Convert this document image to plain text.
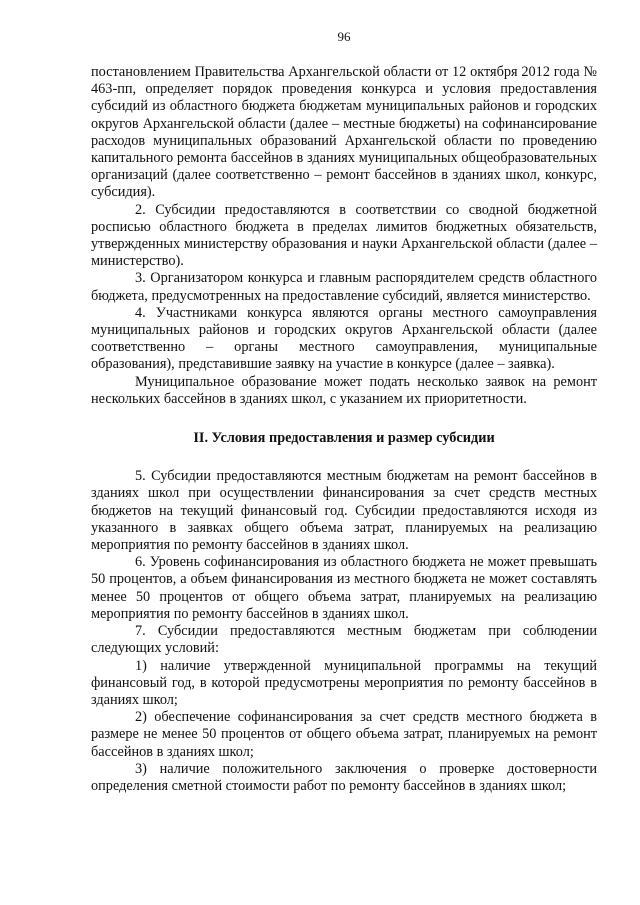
96

постановлением Правительства Архангельской области от 12 октября 2012 года № 463-пп, определяет порядок проведения конкурса и условия предоставления субсидий из областного бюджета бюджетам муниципальных районов и городских округов Архангельской области (далее – местные бюджеты) на софинансирование расходов муниципальных образований Архангельской области по проведению капитального ремонта бассейнов в зданиях муниципальных общеобразовательных организаций (далее соответственно – ремонт бассейнов в зданиях школ, конкурс, субсидия).

2. Субсидии предоставляются в соответствии со сводной бюджетной росписью областного бюджета в пределах лимитов бюджетных обязательств, утвержденных министерству образования и науки Архангельской области (далее – министерство).

3. Организатором конкурса и главным распорядителем средств областного бюджета, предусмотренных на предоставление субсидий, является министерство.

4. Участниками конкурса являются органы местного самоуправления муниципальных районов и городских округов Архангельской области (далее соответственно – органы местного самоуправления, муниципальные образования), представившие заявку на участие в конкурсе (далее – заявка).

Муниципальное образование может подать несколько заявок на ремонт нескольких бассейнов в зданиях школ, с указанием их приоритетности.

II. Условия предоставления и размер субсидии

5. Субсидии предоставляются местным бюджетам на ремонт бассейнов в зданиях школ при осуществлении финансирования за счет средств местных бюджетов на текущий финансовый год. Субсидии предоставляются исходя из указанного в заявках общего объема затрат, планируемых на реализацию мероприятия по ремонту бассейнов в зданиях школ.

6. Уровень софинансирования из областного бюджета не может превышать 50 процентов, а объем финансирования из местного бюджета не может составлять менее 50 процентов от общего объема затрат, планируемых на реализацию мероприятия по ремонту бассейнов в зданиях школ.

7. Субсидии предоставляются местным бюджетам при соблюдении следующих условий:

1) наличие утвержденной муниципальной программы на текущий финансовый год, в которой предусмотрены мероприятия по ремонту бассейнов в зданиях школ;

2) обеспечение софинансирования за счет средств местного бюджета в размере не менее 50 процентов от общего объема затрат, планируемых на ремонт бассейнов в зданиях школ;

3) наличие положительного заключения о проверке достоверности определения сметной стоимости работ по ремонту бассейнов в зданиях школ;
